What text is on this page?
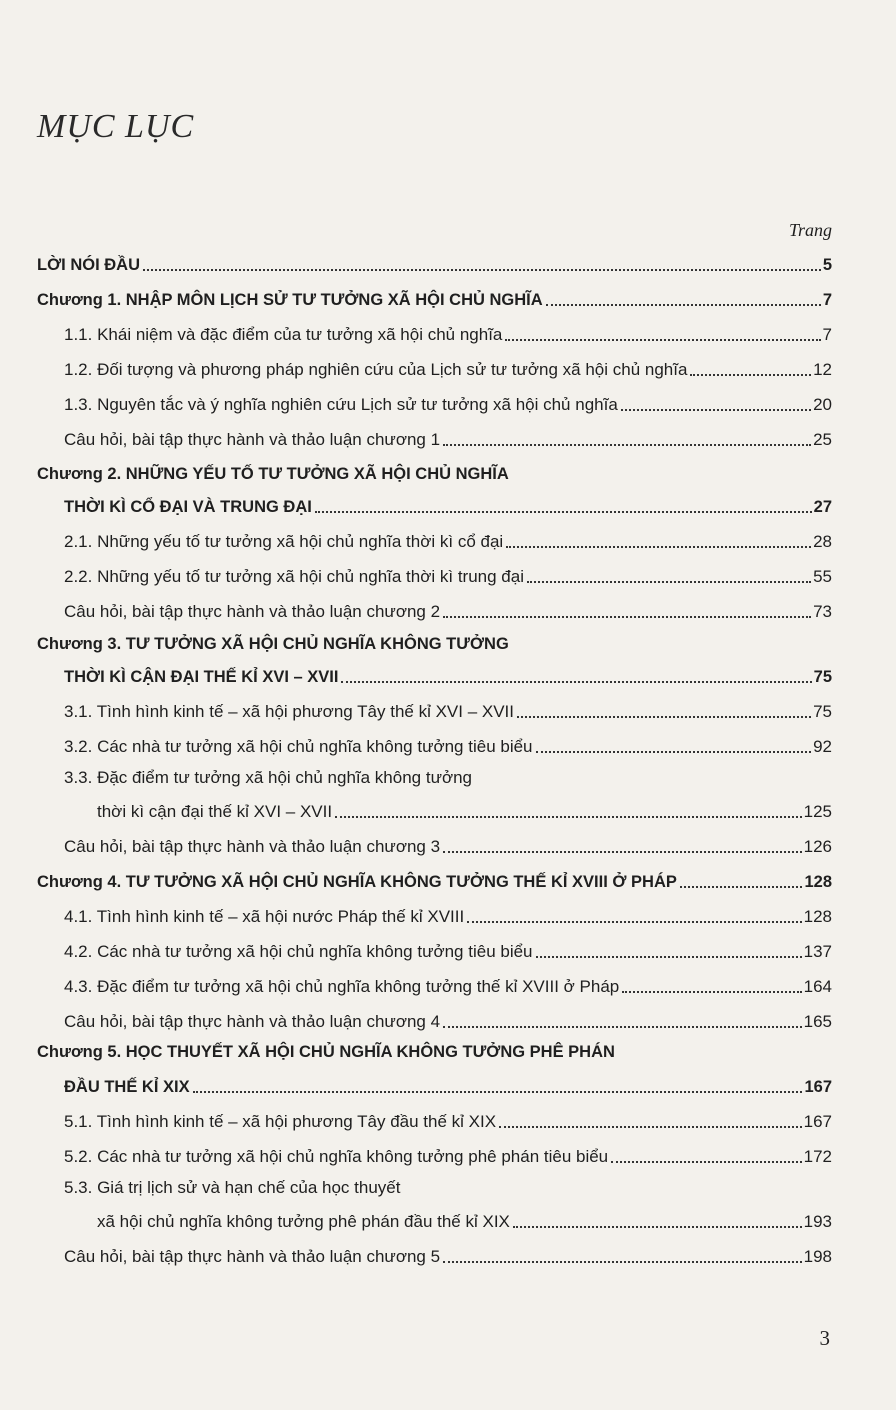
MỤC LỤC
Trang
LỜI NÓI ĐẦU	5
Chương 1. NHẬP MÔN LỊCH SỬ TƯ TƯỞNG XÃ HỘI CHỦ NGHĨA	7
1.1. Khái niệm và đặc điểm của tư tưởng xã hội chủ nghĩa	7
1.2. Đối tượng và phương pháp nghiên cứu của Lịch sử tư tưởng xã hội chủ nghĩa	12
1.3. Nguyên tắc và ý nghĩa nghiên cứu Lịch sử tư tưởng xã hội chủ nghĩa	20
Câu hỏi, bài tập thực hành và thảo luận chương 1	25
Chương 2. NHỮNG YẾU TỐ TƯ TƯỞNG XÃ HỘI CHỦ NGHĨA
THỜI KÌ CỔ ĐẠI VÀ TRUNG ĐẠI	27
2.1. Những yếu tố tư tưởng xã hội chủ nghĩa thời kì cổ đại	28
2.2. Những yếu tố tư tưởng xã hội chủ nghĩa thời kì trung đại	55
Câu hỏi, bài tập thực hành và thảo luận chương 2	73
Chương 3. TƯ TƯỞNG XÃ HỘI CHỦ NGHĨA KHÔNG TƯỞNG
THỜI KÌ CẬN ĐẠI THẾ KỈ XVI – XVII	75
3.1. Tình hình kinh tế – xã hội phương Tây thế kỉ XVI – XVII	75
3.2. Các nhà tư tưởng xã hội chủ nghĩa không tưởng tiêu biểu	92
3.3. Đặc điểm tư tưởng xã hội chủ nghĩa không tưởng
thời kì cận đại thế kỉ XVI – XVII	125
Câu hỏi, bài tập thực hành và thảo luận chương 3	126
Chương 4. TƯ TƯỞNG XÃ HỘI CHỦ NGHĨA KHÔNG TƯỞNG THẾ KỈ XVIII Ở PHÁP	128
4.1. Tình hình kinh tế – xã hội nước Pháp thế kỉ XVIII	128
4.2. Các nhà tư tưởng xã hội chủ nghĩa không tưởng tiêu biểu	137
4.3. Đặc điểm tư tưởng xã hội chủ nghĩa không tưởng thế kỉ XVIII ở Pháp	164
Câu hỏi, bài tập thực hành và thảo luận chương 4	165
Chương 5. HỌC THUYẾT XÃ HỘI CHỦ NGHĨA KHÔNG TƯỞNG PHÊ PHÁN
ĐẦU THẾ KỈ XIX	167
5.1. Tình hình kinh tế – xã hội phương Tây đầu thế kỉ XIX	167
5.2. Các nhà tư tưởng xã hội chủ nghĩa không tưởng phê phán tiêu biểu	172
5.3. Giá trị lịch sử và hạn chế của học thuyết
xã hội chủ nghĩa không tưởng phê phán đầu thế kỉ XIX	193
Câu hỏi, bài tập thực hành và thảo luận chương 5	198
3
